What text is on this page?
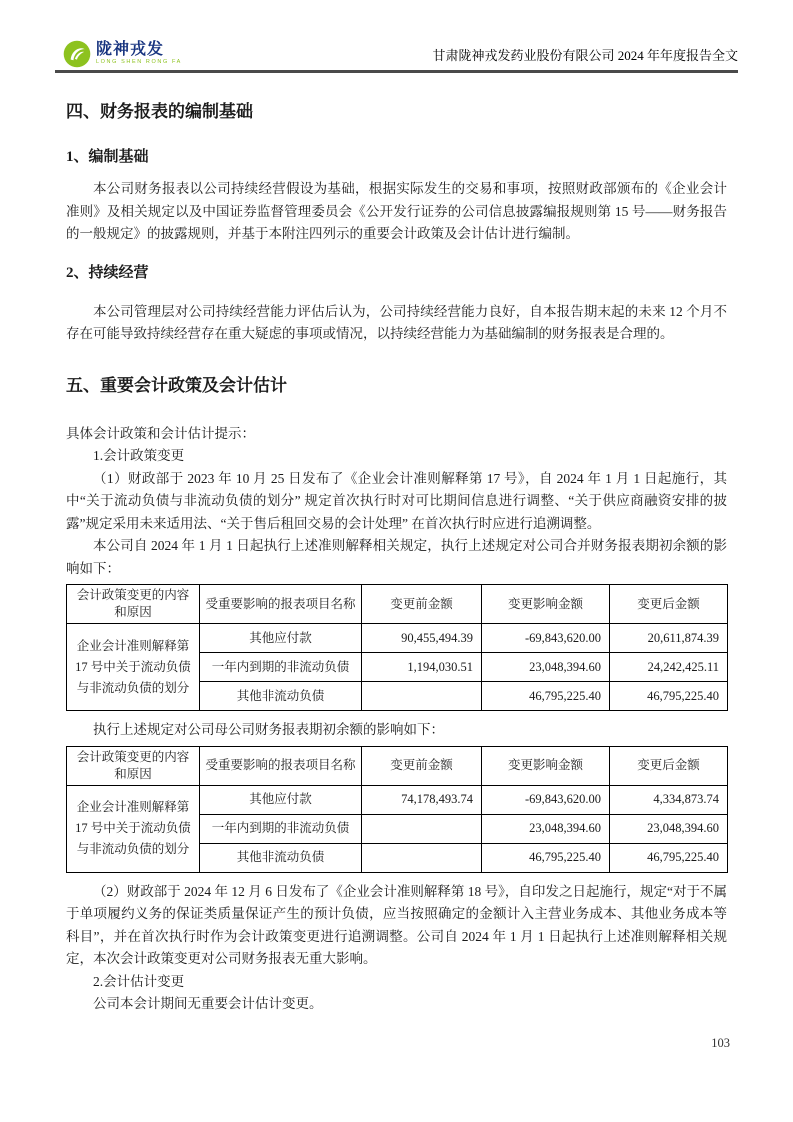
陇神戎发
LONG SHEN RONG FA	甘肃陇神戎发药业股份有限公司 2024 年年度报告全文
四、财务报表的编制基础
1、编制基础

本公司财务报表以公司持续经营假设为基础，根据实际发生的交易和事项，按照财政部颁布的《企业会计准则》及相关规定以及中国证券监督管理委员会《公开发行证券的公司信息披露编报规则第 15 号——财务报告的一般规定》的披露规则，并基于本附注四列示的重要会计政策及会计估计进行编制。

2、持续经营

本公司管理层对公司持续经营能力评估后认为，公司持续经营能力良好，自本报告期末起的未来 12 个月不存在可能导致持续经营存在重大疑虑的事项或情况，以持续经营能力为基础编制的财务报表是合理的。

五、重要会计政策及会计估计

具体会计政策和会计估计提示：

1.会计政策变更

（1）财政部于 2023 年 10 月 25 日发布了《企业会计准则解释第 17 号》，自 2024 年 1 月 1 日起施行，其中“关于流动负债与非流动负债的划分” 规定首次执行时对可比期间信息进行调整、“关于供应商融资安排的披露”规定采用未来适用法、“关于售后租回交易的会计处理” 在首次执行时应进行追溯调整。

本公司自 2024 年 1 月 1 日起执行上述准则解释相关规定，执行上述规定对公司合并财务报表期初余额的影响如下：

会计政策变更的内容和原因	受重要影响的报表项目名称	变更前金额	变更影响金额	变更后金额
企业会计准则解释第 17 号中关于流动负债与非流动负债的划分	其他应付款	90,455,494.39	-69,843,620.00	20,611,874.39
	一年内到期的非流动负债	1,194,030.51	23,048,394.60	24,242,425.11
	其他非流动负债		46,795,225.40	46,795,225.40

执行上述规定对公司母公司财务报表期初余额的影响如下：

会计政策变更的内容和原因	受重要影响的报表项目名称	变更前金额	变更影响金额	变更后金额
企业会计准则解释第 17 号中关于流动负债与非流动负债的划分	其他应付款	74,178,493.74	-69,843,620.00	4,334,873.74
	一年内到期的非流动负债		23,048,394.60	23,048,394.60
	其他非流动负债		46,795,225.40	46,795,225.40

（2）财政部于 2024 年 12 月 6 日发布了《企业会计准则解释第 18 号》，自印发之日起施行，规定“对于不属于单项履约义务的保证类质量保证产生的预计负债，应当按照确定的金额计入主营业务成本、其他业务成本等科目”，并在首次执行时作为会计政策变更进行追溯调整。公司自 2024 年 1 月 1 日起执行上述准则解释相关规定，本次会计政策变更对公司财务报表无重大影响。

2.会计估计变更

公司本会计期间无重要会计估计变更。

103
